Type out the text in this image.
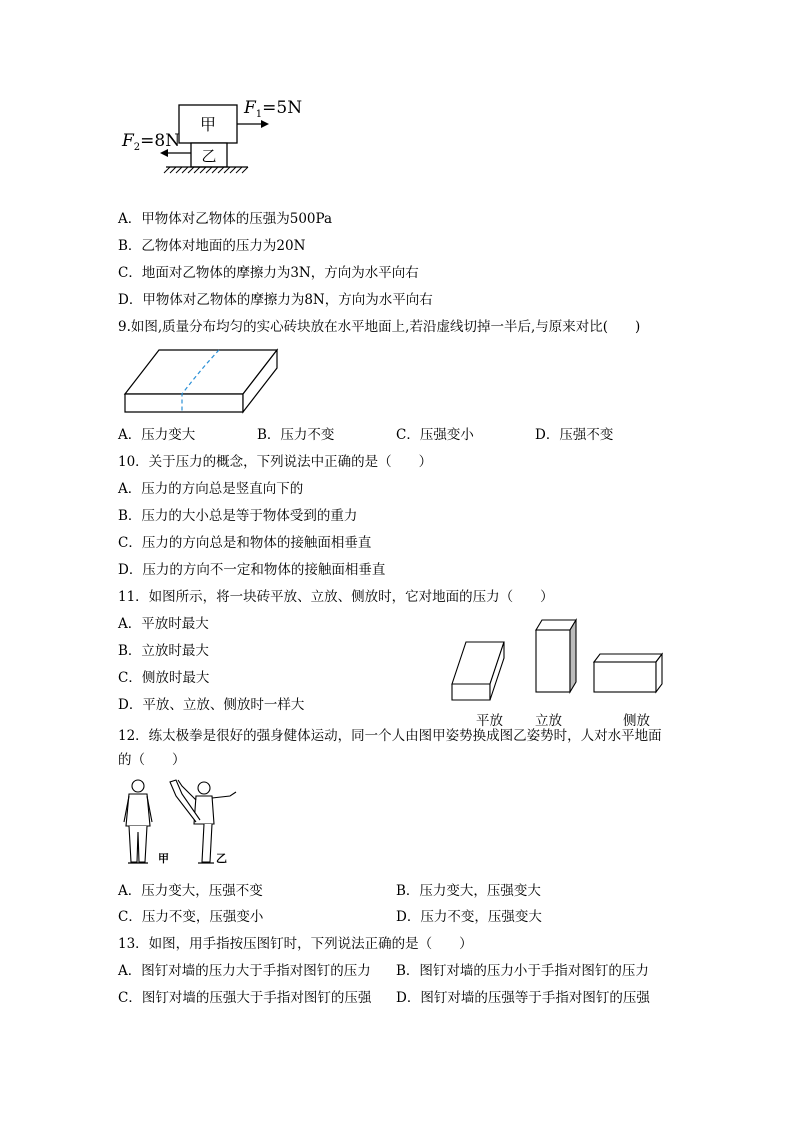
甲
乙
$F_1=5N$
$F_2=8N$
A．甲物体对乙物体的压强为500Pa
B．乙物体对地面的压力为20N
C．地面对乙物体的摩擦力为3N，方向为水平向右
D．甲物体对乙物体的摩擦力为8N，方向为水平向右
9.如图,质量分布均匀的实心砖块放在水平地面上,若沿虚线切掉一半后,与原来对比(　　)
A．压力变大	B．压力不变	C．压强变小	D．压强不变
10．关于压力的概念，下列说法中正确的是（　　）
A．压力的方向总是竖直向下的
B．压力的大小总是等于物体受到的重力
C．压力的方向总是和物体的接触面相垂直
D．压力的方向不一定和物体的接触面相垂直
11．如图所示，将一块砖平放、立放、侧放时，它对地面的压力（　　）
A．平放时最大
B．立放时最大
C．侧放时最大
D．平放、立放、侧放时一样大
平放 立放	侧放
12．练太极拳是很好的强身健体运动，同一个人由图甲姿势换成图乙姿势时，人对水平地面
的（　　）
甲	乙
A．压力变大，压强不变	B．压力变大，压强变大
C．压力不变，压强变小	D．压力不变，压强变大
13．如图，用手指按压图钉时，下列说法正确的是（　　）
A．图钉对墙的压力大于手指对图钉的压力 B．图钉对墙的压力小于手指对图钉的压力
C．图钉对墙的压强大于手指对图钉的压强 D．图钉对墙的压强等于手指对图钉的压强
